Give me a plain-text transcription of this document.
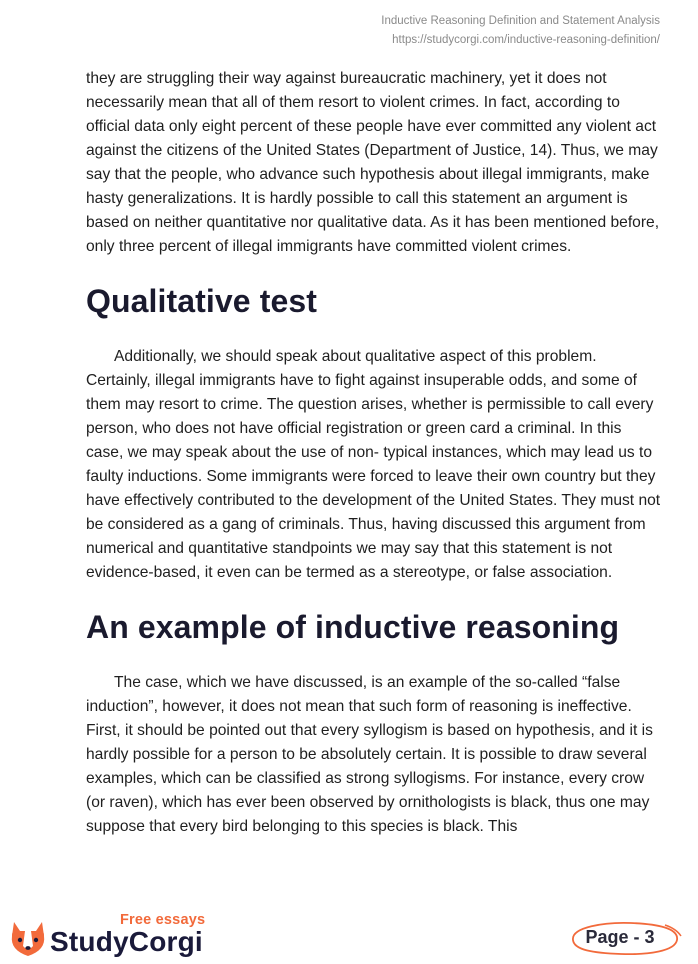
Inductive Reasoning Definition and Statement Analysis
https://studycorgi.com/inductive-reasoning-definition/

they are struggling their way against bureaucratic machinery, yet it does not necessarily mean that all of them resort to violent crimes. In fact, according to official data only eight percent of these people have ever committed any violent act against the citizens of the United States (Department of Justice, 14). Thus, we may say that the people, who advance such hypothesis about illegal immigrants, make hasty generalizations. It is hardly possible to call this statement an argument is based on neither quantitative nor qualitative data. As it has been mentioned before, only three percent of illegal immigrants have committed violent crimes.

Qualitative test

Additionally, we should speak about qualitative aspect of this problem. Certainly, illegal immigrants have to fight against insuperable odds, and some of them may resort to crime. The question arises, whether is permissible to call every person, who does not have official registration or green card a criminal. In this case, we may speak about the use of non- typical instances, which may lead us to faulty inductions. Some immigrants were forced to leave their own country but they have effectively contributed to the development of the United States. They must not be considered as a gang of criminals. Thus, having discussed this argument from numerical and quantitative standpoints we may say that this statement is not evidence-based, it even can be termed as a stereotype, or false association.

An example of inductive reasoning

The case, which we have discussed, is an example of the so-called “false induction”, however, it does not mean that such form of reasoning is ineffective. First, it should be pointed out that every syllogism is based on hypothesis, and it is hardly possible for a person to be absolutely certain. It is possible to draw several examples, which can be classified as strong syllogisms. For instance, every crow (or raven), which has ever been observed by ornithologists is black, thus one may suppose that every bird belonging to this species is black. This

Free essays
StudyCorgi	Page - 3
